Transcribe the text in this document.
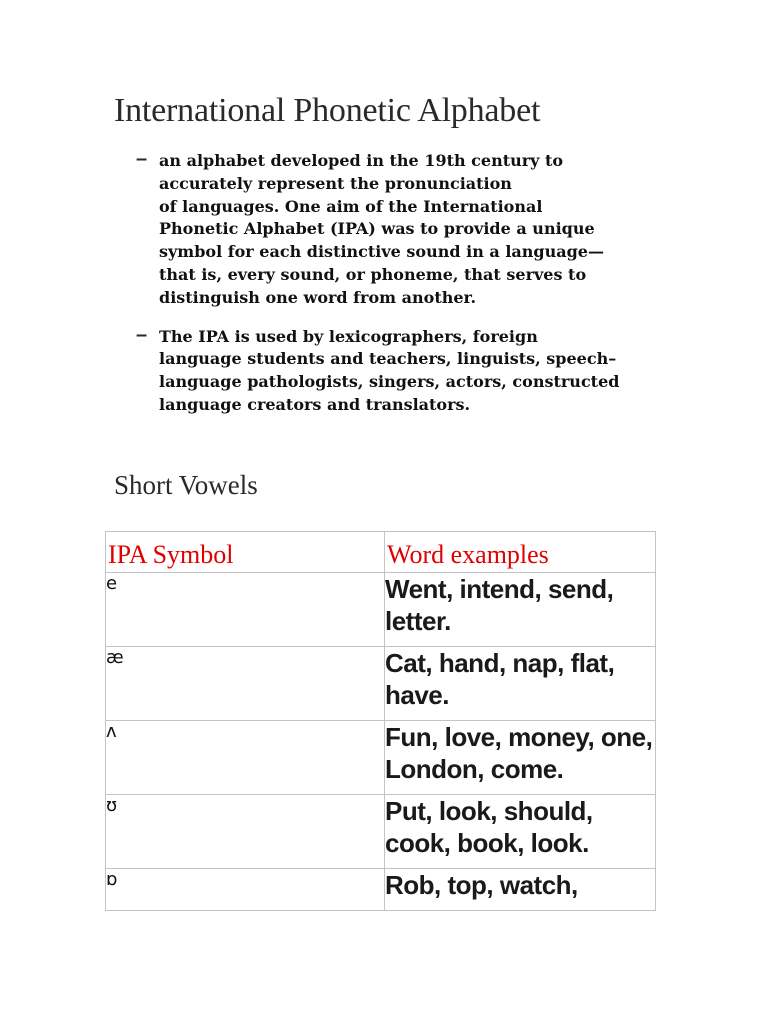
International Phonetic Alphabet
– an alphabet developed in the 19th century to
accurately represent the pronunciation
of languages. One aim of the International
Phonetic Alphabet (IPA) was to provide a unique
symbol for each distinctive sound in a language—
that is, every sound, or phoneme, that serves to
distinguish one word from another.
– The IPA is used by lexicographers, foreign
language students and teachers, linguists, speech–
language pathologists, singers, actors, constructed
language creators and translators.
Short Vowels
IPA Symbol	Word examples
e	Went, intend, send, letter.
æ	Cat, hand, nap, flat, have.
ʌ	Fun, love, money, one, London, come.
ʊ	Put, look, should, cook, book, look.
ɒ	Rob, top, watch,
